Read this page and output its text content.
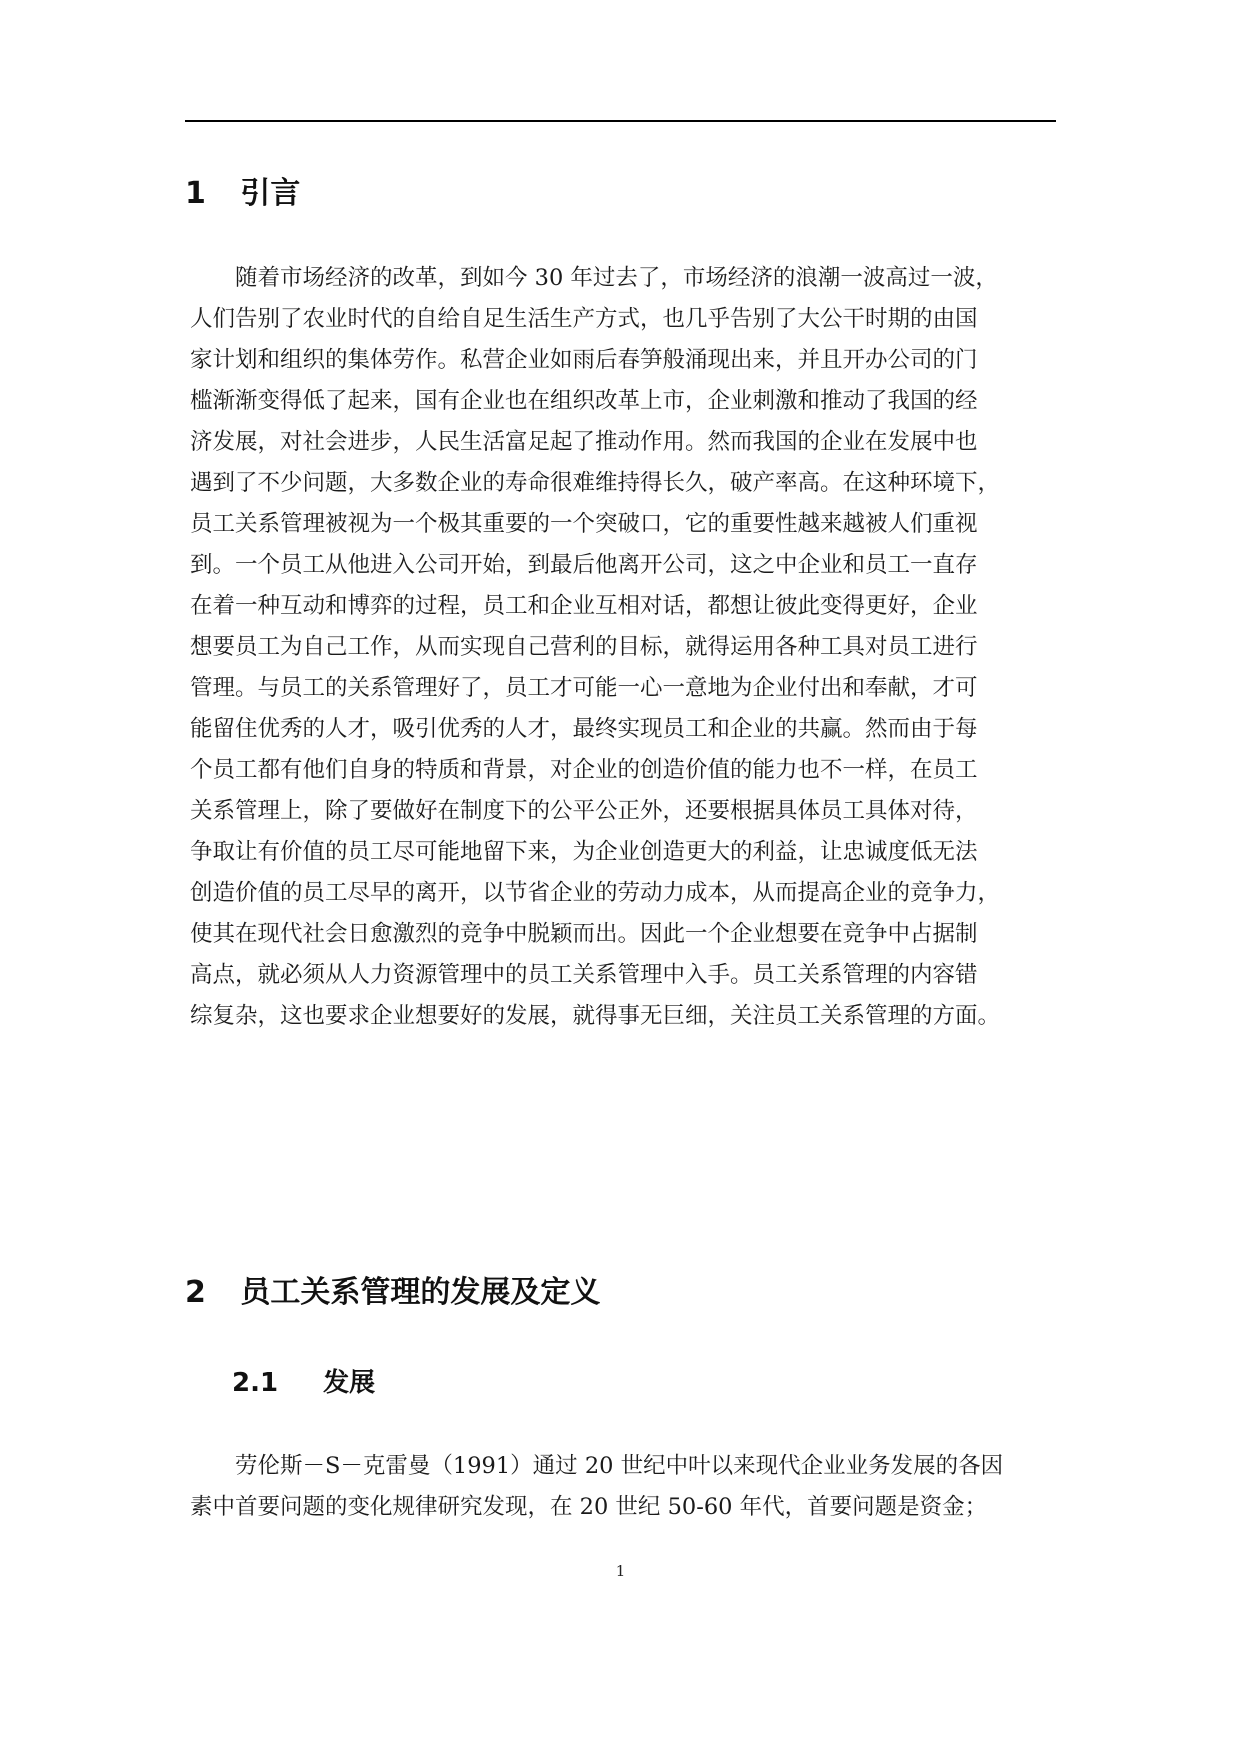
1 引言
　　随着市场经济的改革，到如今 30 年过去了，市场经济的浪潮一波高过一波，
人们告别了农业时代的自给自足生活生产方式，也几乎告别了大公干时期的由国
家计划和组织的集体劳作。私营企业如雨后春笋般涌现出来，并且开办公司的门
槛渐渐变得低了起来，国有企业也在组织改革上市，企业刺激和推动了我国的经
济发展，对社会进步，人民生活富足起了推动作用。然而我国的企业在发展中也
遇到了不少问题，大多数企业的寿命很难维持得长久，破产率高。在这种环境下，
员工关系管理被视为一个极其重要的一个突破口，它的重要性越来越被人们重视
到。一个员工从他进入公司开始，到最后他离开公司，这之中企业和员工一直存
在着一种互动和博弈的过程，员工和企业互相对话，都想让彼此变得更好，企业
想要员工为自己工作，从而实现自己营利的目标，就得运用各种工具对员工进行
管理。与员工的关系管理好了，员工才可能一心一意地为企业付出和奉献，才可
能留住优秀的人才，吸引优秀的人才，最终实现员工和企业的共赢。然而由于每
个员工都有他们自身的特质和背景，对企业的创造价值的能力也不一样，在员工
关系管理上，除了要做好在制度下的公平公正外，还要根据具体员工具体对待，
争取让有价值的员工尽可能地留下来，为企业创造更大的利益，让忠诚度低无法
创造价值的员工尽早的离开，以节省企业的劳动力成本，从而提高企业的竞争力，
使其在现代社会日愈激烈的竞争中脱颖而出。因此一个企业想要在竞争中占据制
高点，就必须从人力资源管理中的员工关系管理中入手。员工关系管理的内容错
综复杂，这也要求企业想要好的发展，就得事无巨细，关注员工关系管理的方面。
2 员工关系管理的发展及定义
2.1 发展
　　劳伦斯－S－克雷曼（1991）通过 20 世纪中叶以来现代企业业务发展的各因
素中首要问题的变化规律研究发现，在 20 世纪 50-60 年代，首要问题是资金；
1
